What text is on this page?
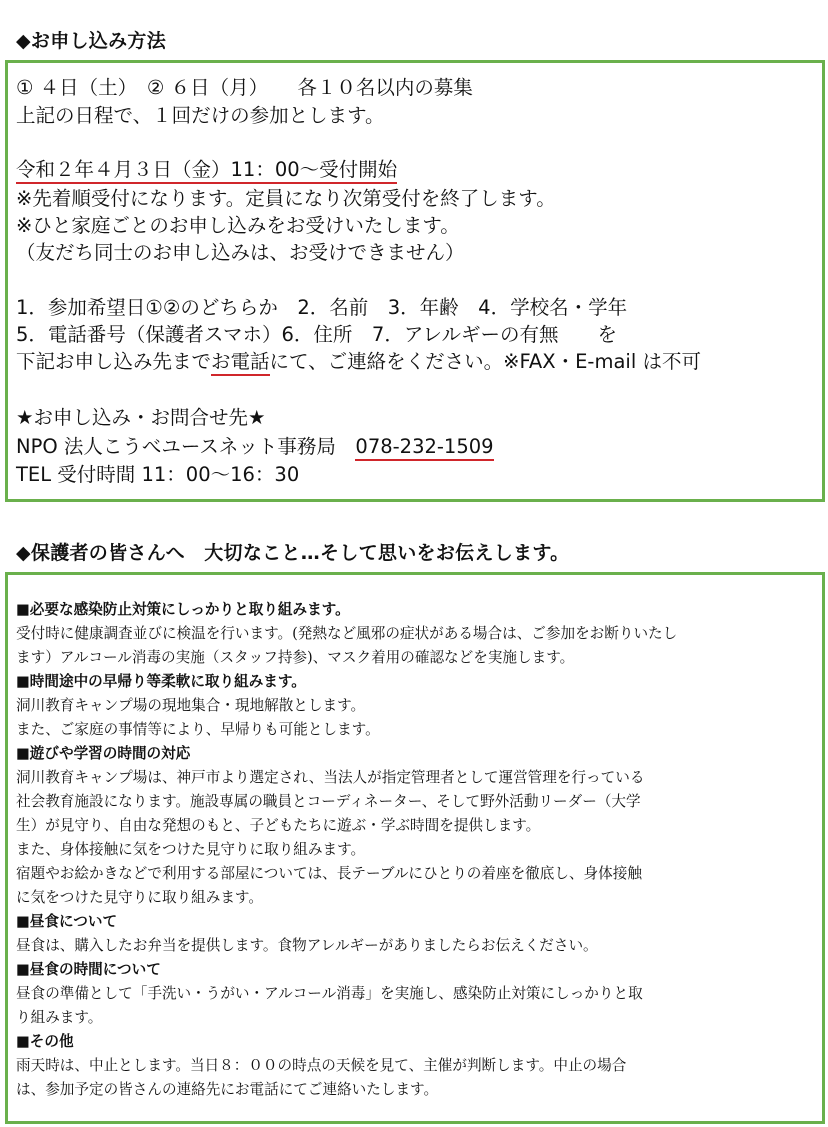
◆お申し込み方法
① ４日（土）　② ６日（月）　　各１０名以内の募集
上記の日程で、１回だけの参加とします。
令和２年４月３日（金）11：00～受付開始
※先着順受付になります。定員になり次第受付を終了します。
※ひと家庭ごとのお申し込みをお受けいたします。
（友だち同士のお申し込みは、お受けできません）
1．参加希望日①②のどちらか　2．名前　3．年齢　4．学校名・学年
5．電話番号（保護者スマホ）6．住所　7．アレルギーの有無　　を
下記お申し込み先までお電話にて、ご連絡をください。※FAX・E-mail は不可
★お申し込み・お問合せ先★
NPO 法人こうべユースネット事務局　078-232-1509
TEL 受付時間 11：00～16：30
◆保護者の皆さんへ　大切なこと…そして思いをお伝えします。
■必要な感染防止対策にしっかりと取り組みます。
受付時に健康調査並びに検温を行います。(発熱など風邪の症状がある場合は、ご参加をお断りいたし
ます）アルコール消毒の実施（スタッフ持参)、マスク着用の確認などを実施します。
■時間途中の早帰り等柔軟に取り組みます。
洞川教育キャンプ場の現地集合・現地解散とします。
また、ご家庭の事情等により、早帰りも可能とします。
■遊びや学習の時間の対応
洞川教育キャンプ場は、神戸市より選定され、当法人が指定管理者として運営管理を行っている
社会教育施設になります。施設専属の職員とコーディネーター、そして野外活動リーダー（大学
生）が見守り、自由な発想のもと、子どもたちに遊ぶ・学ぶ時間を提供します。
また、身体接触に気をつけた見守りに取り組みます。
宿題やお絵かきなどで利用する部屋については、長テーブルにひとりの着座を徹底し、身体接触
に気をつけた見守りに取り組みます。
■昼食について
昼食は、購入したお弁当を提供します。食物アレルギーがありましたらお伝えください。
■昼食の時間について
昼食の準備として「手洗い・うがい・アルコール消毒」を実施し、感染防止対策にしっかりと取
り組みます。
■その他
雨天時は、中止とします。当日８：００の時点の天候を見て、主催が判断します。中止の場合
は、参加予定の皆さんの連絡先にお電話にてご連絡いたします。
